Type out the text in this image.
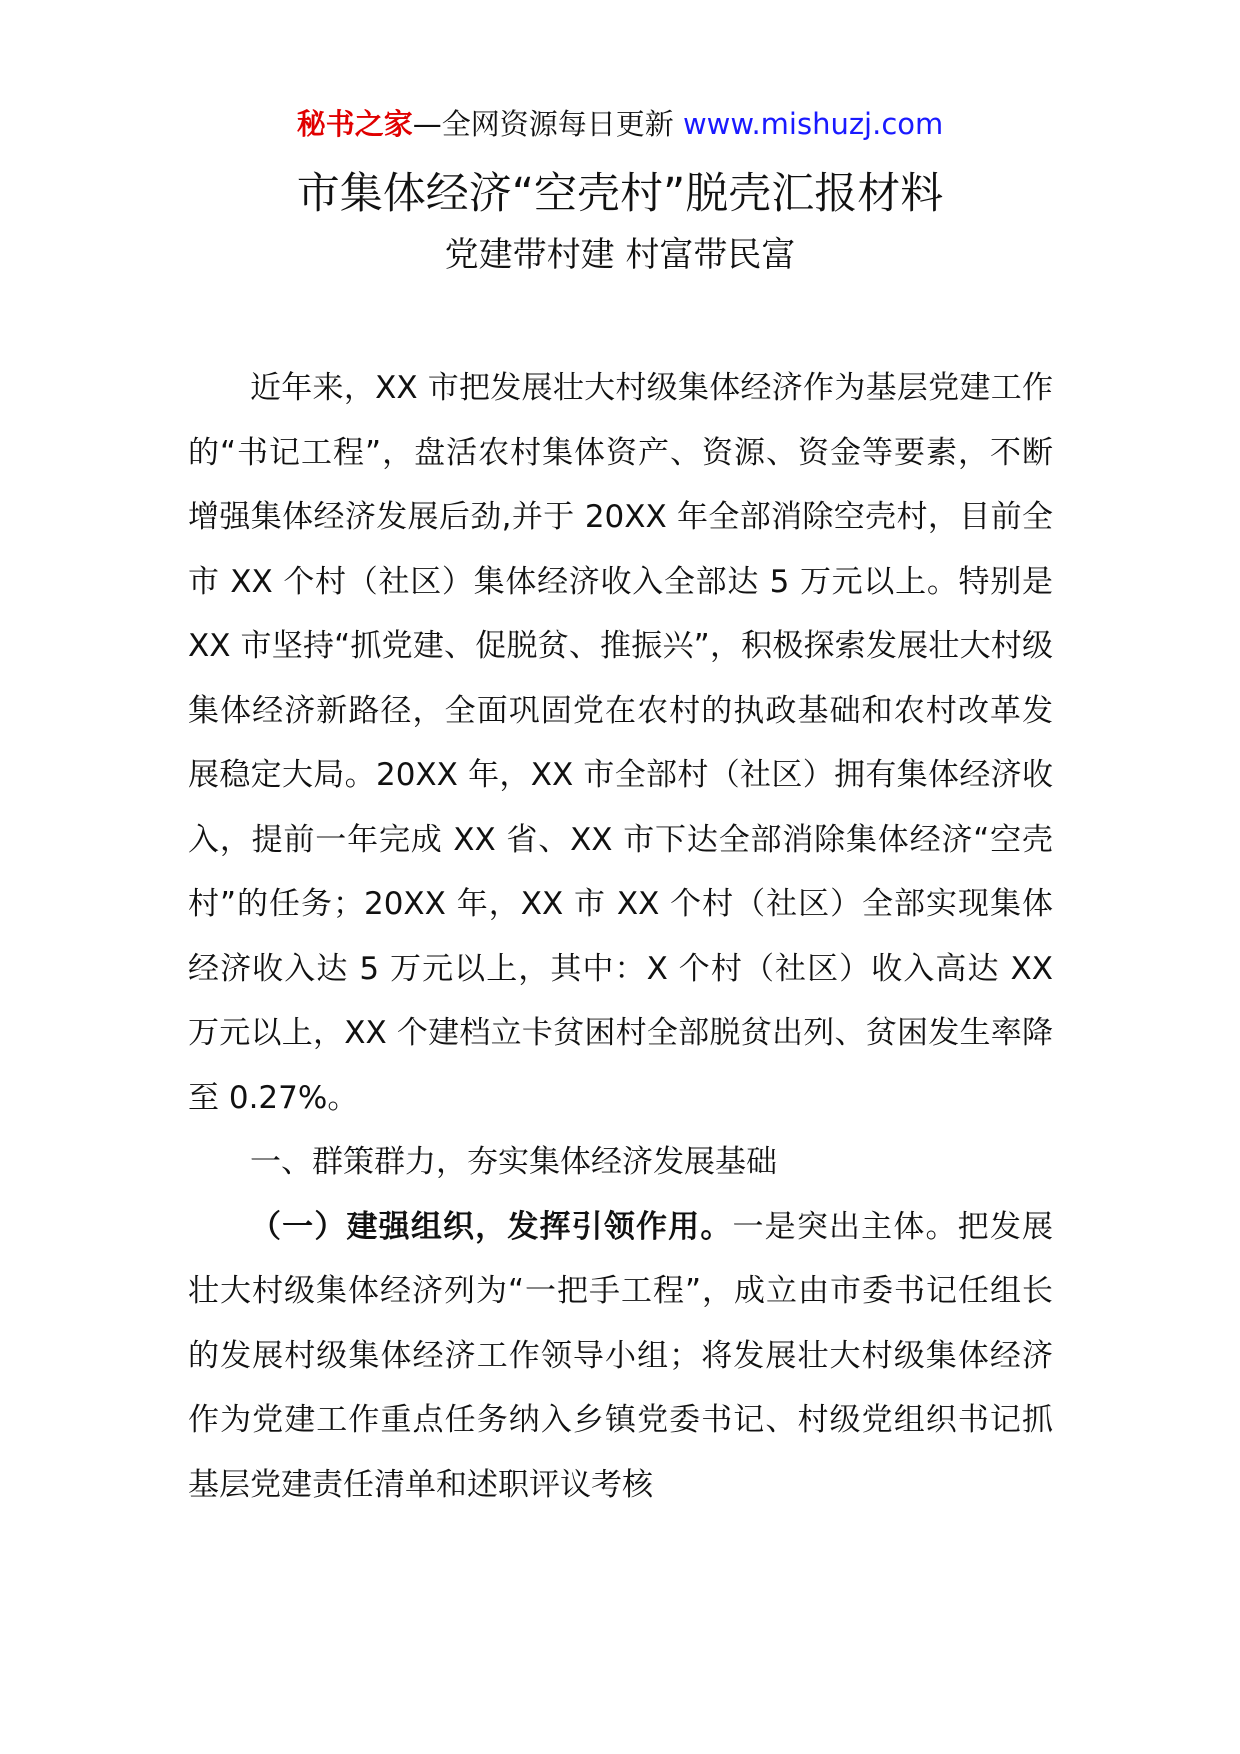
秘书之家—全网资源每日更新 www.mishuzj.com
市集体经济“空壳村”脱壳汇报材料
党建带村建 村富带民富

近年来，XX 市把发展壮大村级集体经济作为基层党建工作的“书记工程”，盘活农村集体资产、资源、资金等要素，不断增强集体经济发展后劲,并于 20XX 年全部消除空壳村，目前全市 XX 个村（社区）集体经济收入全部达 5 万元以上。特别是 XX 市坚持“抓党建、促脱贫、推振兴”，积极探索发展壮大村级集体经济新路径，全面巩固党在农村的执政基础和农村改革发展稳定大局。20XX 年，XX 市全部村（社区）拥有集体经济收入，提前一年完成 XX 省、XX 市下达全部消除集体经济“空壳村”的任务；20XX 年，XX 市 XX 个村（社区）全部实现集体经济收入达 5 万元以上，其中：X 个村（社区）收入高达 XX 万元以上，XX 个建档立卡贫困村全部脱贫出列、贫困发生率降至 0.27%。

一、群策群力，夯实集体经济发展基础

（一）建强组织，发挥引领作用。一是突出主体。把发展壮大村级集体经济列为“一把手工程”，成立由市委书记任组长的发展村级集体经济工作领导小组；将发展壮大村级集体经济作为党建工作重点任务纳入乡镇党委书记、村级党组织书记抓基层党建责任清单和述职评议考核
